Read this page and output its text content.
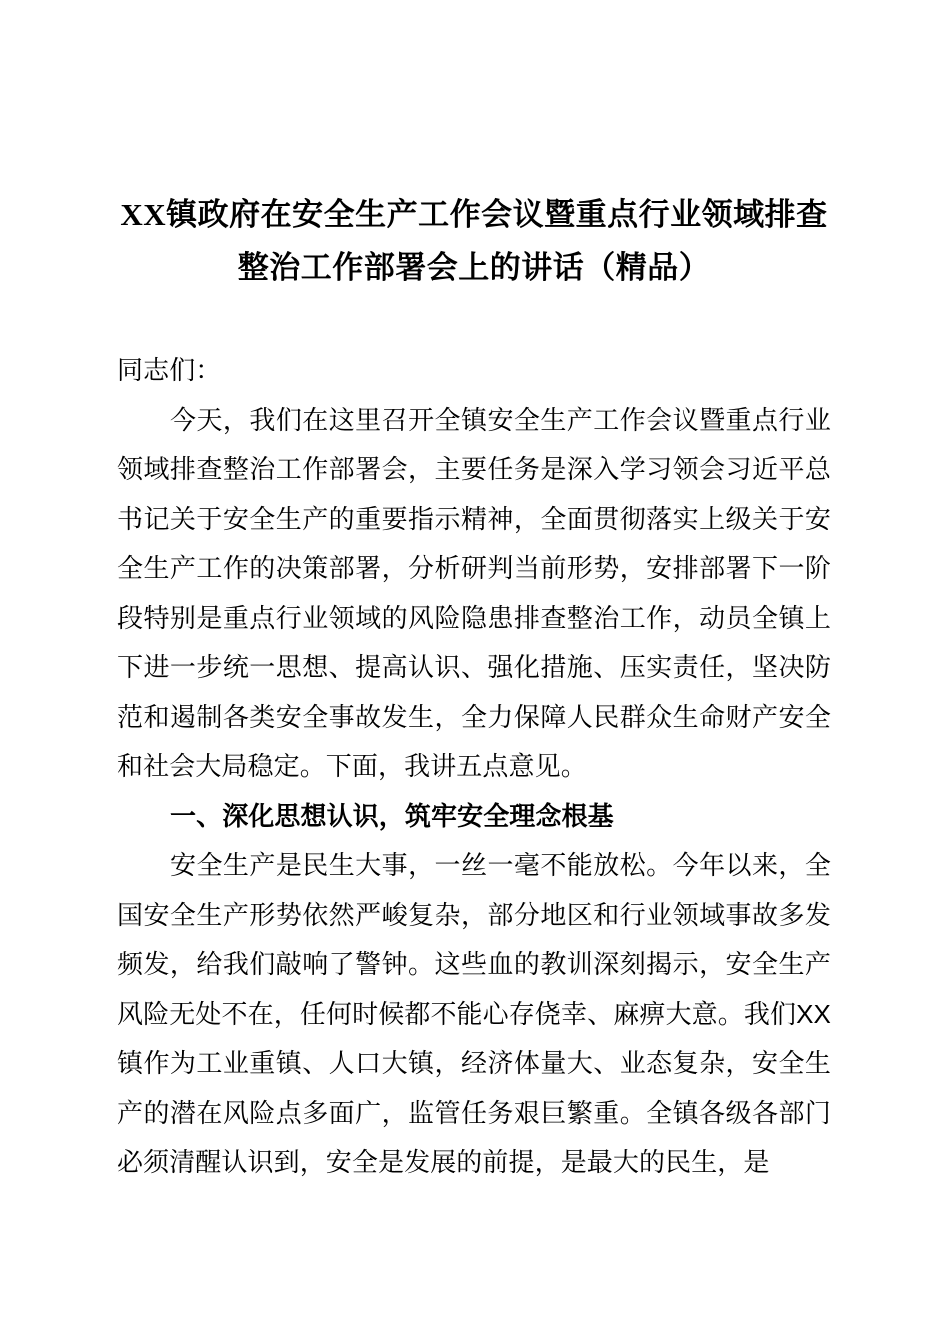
XX镇政府在安全生产工作会议暨重点行业领域排查整治工作部署会上的讲话（精品）

同志们：

今天，我们在这里召开全镇安全生产工作会议暨重点行业领域排查整治工作部署会，主要任务是深入学习领会习近平总书记关于安全生产的重要指示精神，全面贯彻落实上级关于安全生产工作的决策部署，分析研判当前形势，安排部署下一阶段特别是重点行业领域的风险隐患排查整治工作，动员全镇上下进一步统一思想、提高认识、强化措施、压实责任，坚决防范和遏制各类安全事故发生，全力保障人民群众生命财产安全和社会大局稳定。下面，我讲五点意见。

一、深化思想认识，筑牢安全理念根基

安全生产是民生大事，一丝一毫不能放松。今年以来，全国安全生产形势依然严峻复杂，部分地区和行业领域事故多发频发，给我们敲响了警钟。这些血的教训深刻揭示，安全生产风险无处不在，任何时候都不能心存侥幸、麻痹大意。我们XX镇作为工业重镇、人口大镇，经济体量大、业态复杂，安全生产的潜在风险点多面广，监管任务艰巨繁重。全镇各级各部门必须清醒认识到，安全是发展的前提，是最大的民生，是
